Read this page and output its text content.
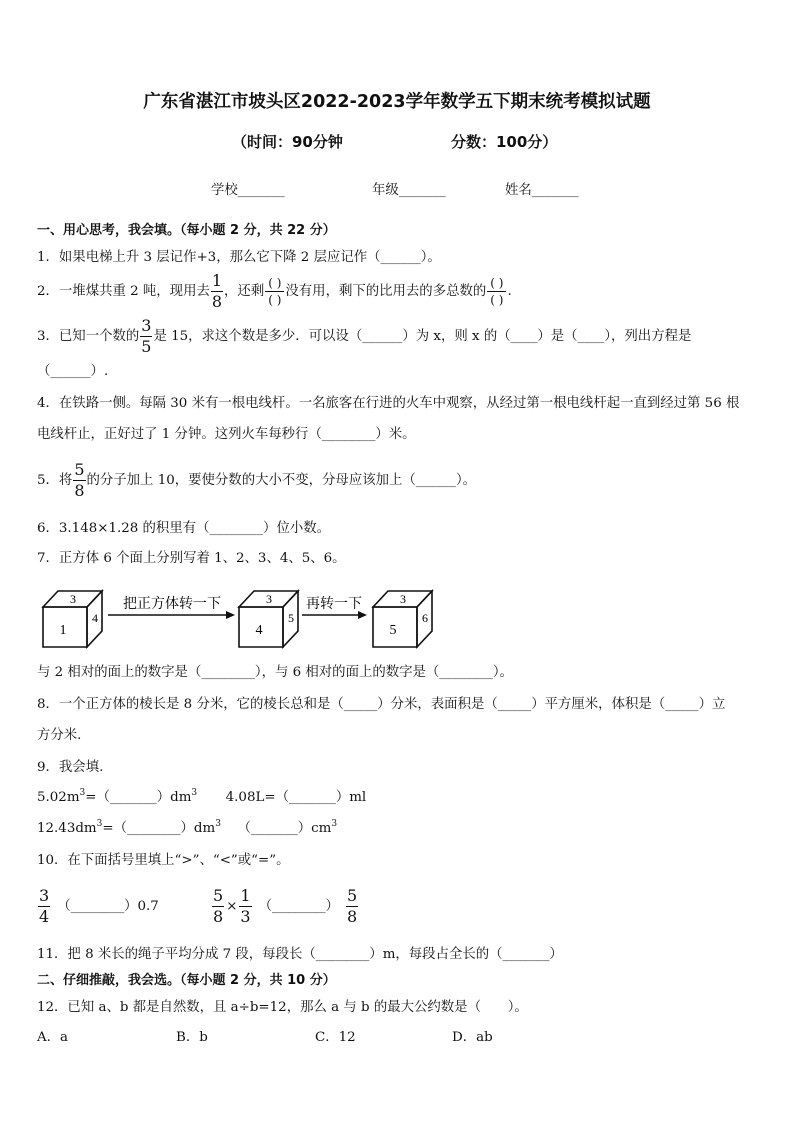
广东省湛江市坡头区2022-2023学年数学五下期末统考模拟试题
（时间：90分钟	分数：100分）
学校_______	年级_______	姓名_______
一、用心思考，我会填。（每小题 2 分，共 22 分）
1．如果电梯上升 3 层记作+3，那么它下降 2 层应记作（______）。
2．一堆煤共重 2 吨，现用去 $\frac{1}{8}$ ，还剩 $\frac{( )}{( )}$ 没有用，剩下的比用去的多总数的 $\frac{( )}{( )}$ .
3．已知一个数的 $\frac{3}{5}$ 是 15，求这个数是多少．可以设（______）为 x，则 x 的（____）是（____），列出方程是
（______）.
4．在铁路一侧。每隔 30 米有一根电线杆。一名旅客在行进的火车中观察，从经过第一根电线杆起一直到经过第 56 根
电线杆止，正好过了 1 分钟。这列火车每秒行（________）米。
5．将 $\frac{5}{8}$ 的分子加上 10，要使分数的大小不变，分母应该加上（______）。
6．3.148×1.28 的积里有（________）位小数。
7．正方体 6 个面上分别写着 1、2、3、4、5、6。
3
1
4
把正方体转一下	3
4
5
再转一下	3
5
6
与 2 相对的面上的数字是（________），与 6 相对的面上的数字是（________）。
8．一个正方体的棱长是 8 分米，它的棱长总和是（_____）分米，表面积是（_____）平方厘米，体积是（_____）立
方分米.
9．我会填.
$5.02m^3=(\_\_\_\_\_\_\_)dm^3$ 4.08L=（_______）ml
$12.43dm^3=(\_\_\_\_\_\_\_\_)dm^3$ $(\_\_\_\_\_\_\_)cm^3$
10．在下面括号里填上“>”、“<”或“=”。
$\frac{3}{4}$ （________）0.7	$\frac{5}{8} \times \frac{1}{3}$ （________） $\frac{5}{8}$
11．把 8 米长的绳子平均分成 7 段，每段长（________）m，每段占全长的（_______）
二、仔细推敲，我会选。（每小题 2 分，共 10 分）
12．已知 a、b 都是自然数，且 a÷b=12，那么 a 与 b 的最大公约数是（　　）。
A．a	B．b	C．12	D．ab
